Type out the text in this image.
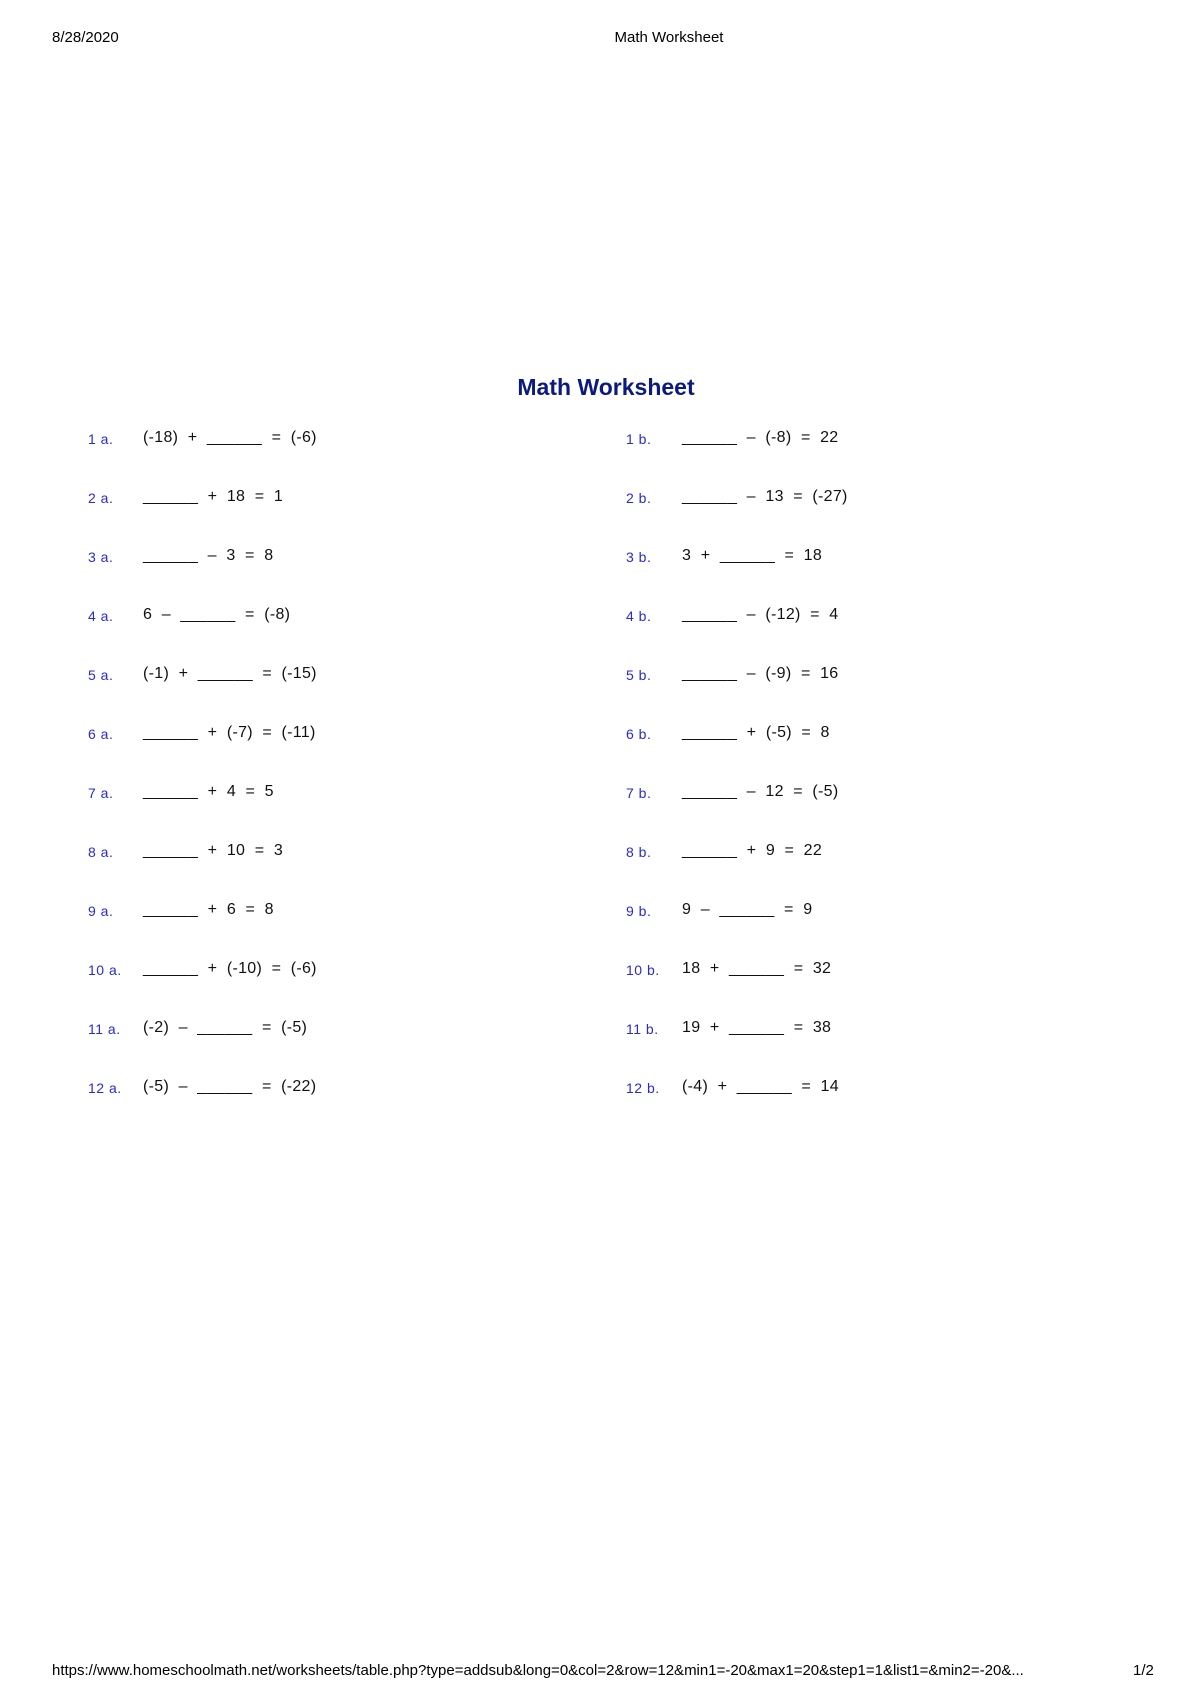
8/28/2020	Math Worksheet
Math Worksheet
1 a. (-18)  +  ______  =  (-6)	1 b. ______  –  (-8)  =  22
2 a. ______  +  18  =  1	2 b. ______  –  13  =  (-27)
3 a. ______  –  3  =  8	3 b. 3  +  ______  =  18
4 a. 6  –  ______  =  (-8)	4 b. ______  –  (-12)  =  4
5 a. (-1)  +  ______  =  (-15)	5 b. ______  –  (-9)  =  16
6 a. ______  +  (-7)  =  (-11)	6 b. ______  +  (-5)  =  8
7 a. ______  +  4  =  5	7 b. ______  –  12  =  (-5)
8 a. ______  +  10  =  3	8 b. ______  +  9  =  22
9 a. ______  +  6  =  8	9 b. 9  –  ______  =  9
10 a. ______  +  (-10)  =  (-6)	10 b. 18  +  ______  =  32
11 a. (-2)  –  ______  =  (-5)	11 b. 19  +  ______  =  38
12 a. (-5)  –  ______  =  (-22)	12 b. (-4)  +  ______  =  14
https://www.homeschoolmath.net/worksheets/table.php?type=addsub&long=0&col=2&row=12&min1=-20&max1=20&step1=1&list1=&min2=-20&...	1/2
